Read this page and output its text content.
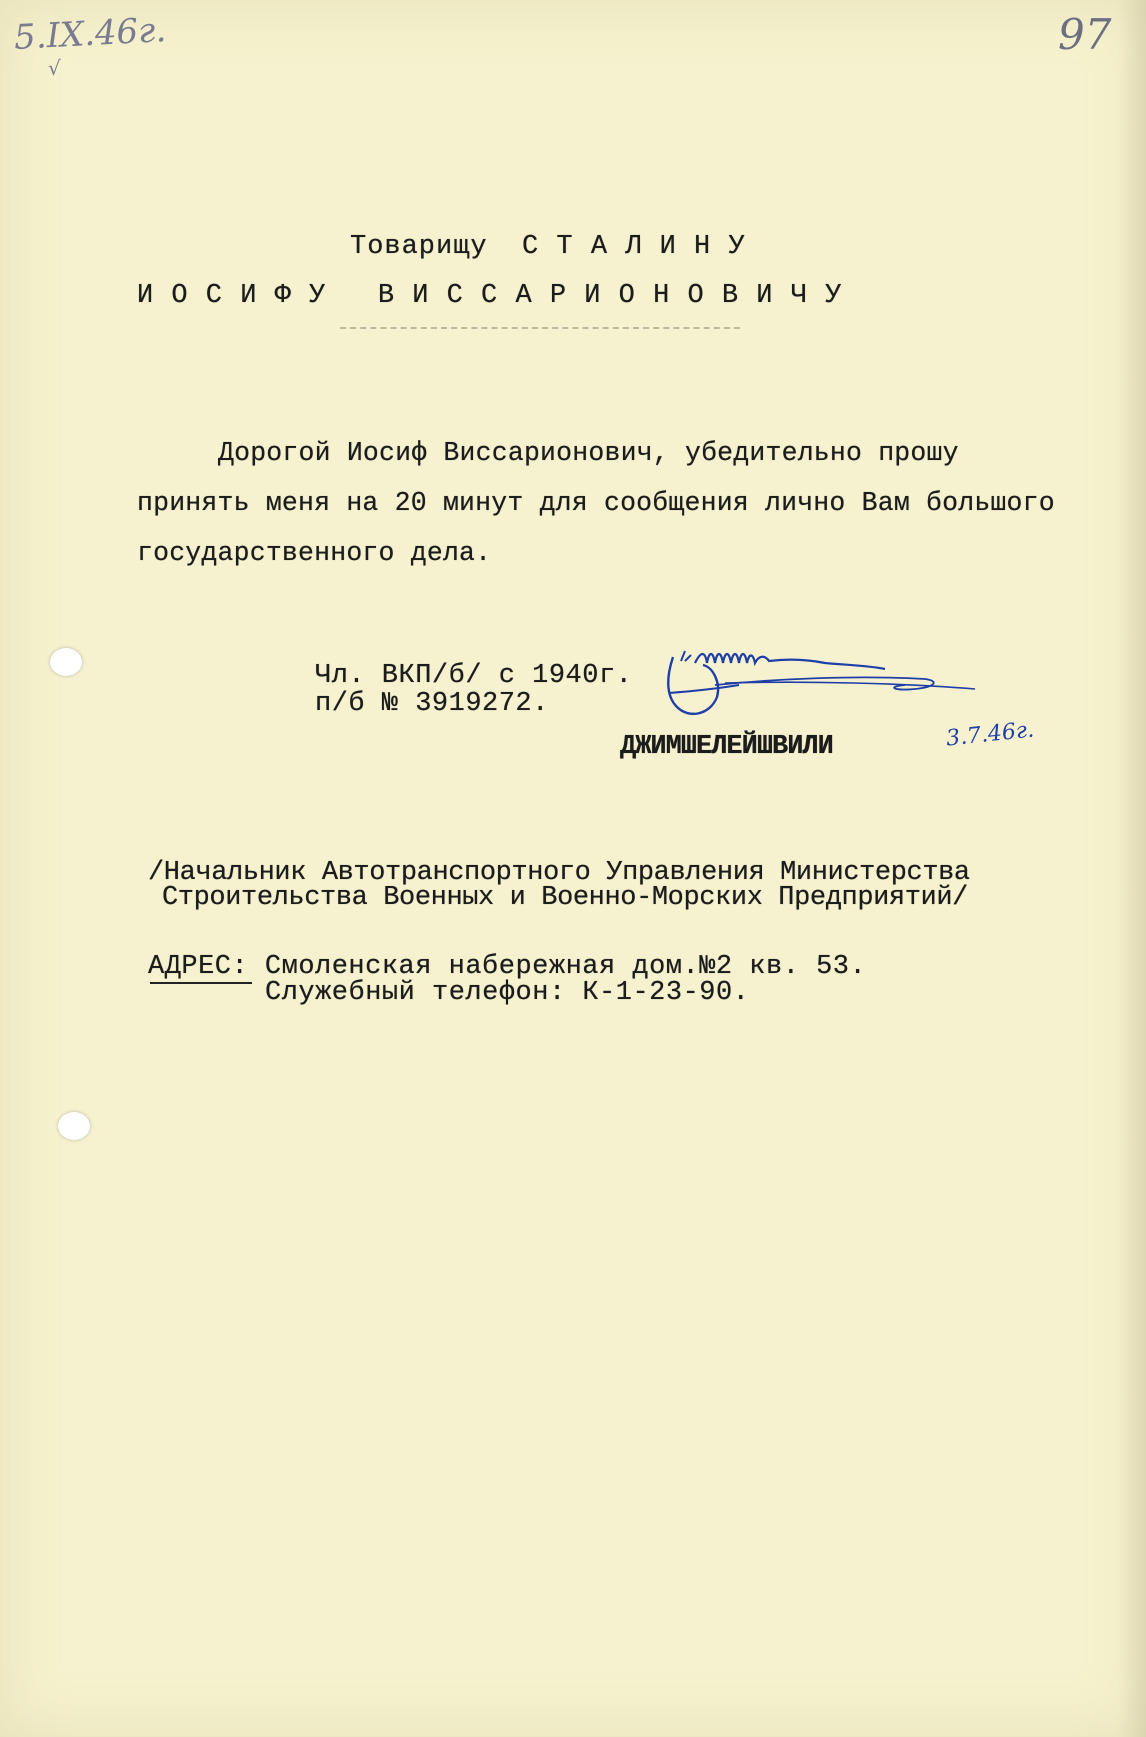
5.IX.46г.
√
97
Товарищу  С Т А Л И Н У
И О С И Ф У   В И С С А Р И О Н О В И Ч У
Дорогой Иосиф Виссарионович, убедительно прошу
принять меня на 20 минут для сообщения лично Вам большого
государственного дела.
Чл. ВКП/б/ с 1940г.
п/б № 3919272.
ДЖИМШЕЛЕЙШВИЛИ	3.7.46г.
/Начальник Автотранспортного Управления Министерства
Строительства Военных и Военно-Морских Предприятий/
АДРЕС: Смоленская набережная дом.№2 кв. 53.
Служебный телефон: К-1-23-90.
